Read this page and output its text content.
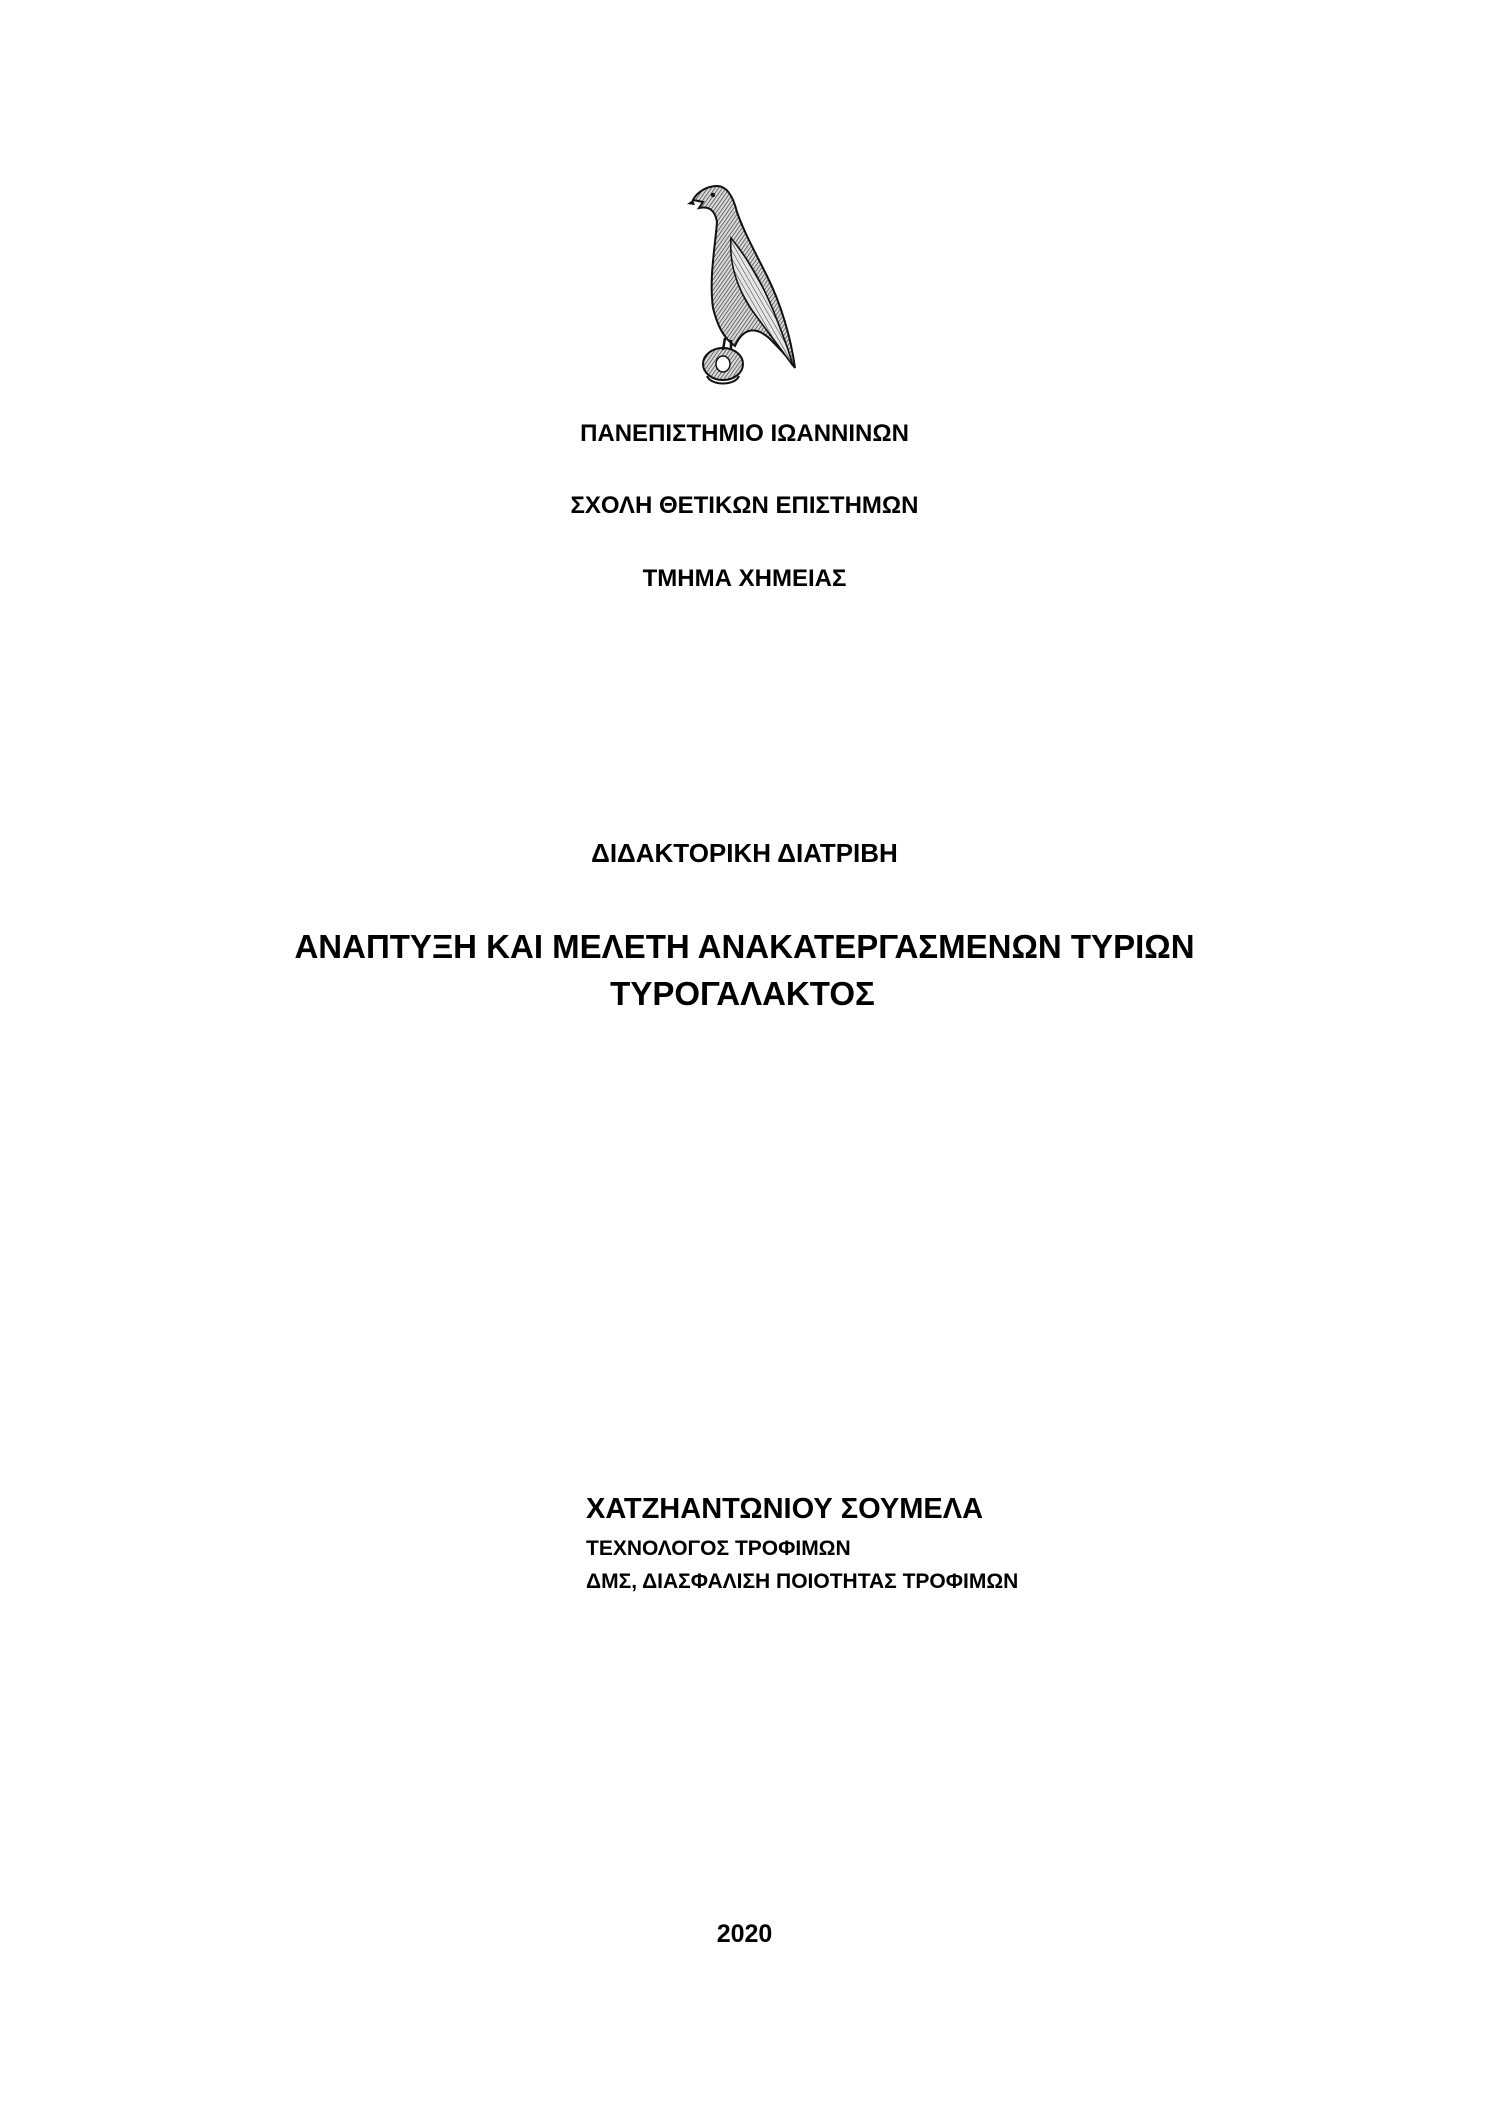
ΠΑΝΕΠΙΣΤΗΜΙΟ ΙΩΑΝΝΙΝΩΝ
ΣΧΟΛΗ ΘΕΤΙΚΩΝ ΕΠΙΣΤΗΜΩΝ
ΤΜΗΜΑ ΧΗΜΕΙΑΣ
ΔΙΔΑΚΤΟΡΙΚΗ ΔΙΑΤΡΙΒΗ
ΑΝΑΠΤΥΞΗ ΚΑΙ ΜΕΛΕΤΗ ΑΝΑΚΑΤΕΡΓΑΣΜΕΝΩΝ ΤΥΡΙΩΝ
ΤΥΡΟΓΑΛΑΚΤΟΣ
ΧΑΤΖΗΑΝΤΩΝΙΟΥ ΣΟΥΜΕΛΑ
ΤΕΧΝΟΛΟΓΟΣ ΤΡΟΦΙΜΩΝ
ΔΜΣ, ΔΙΑΣΦΑΛΙΣΗ ΠΟΙΟΤΗΤΑΣ ΤΡΟΦΙΜΩΝ
2020
